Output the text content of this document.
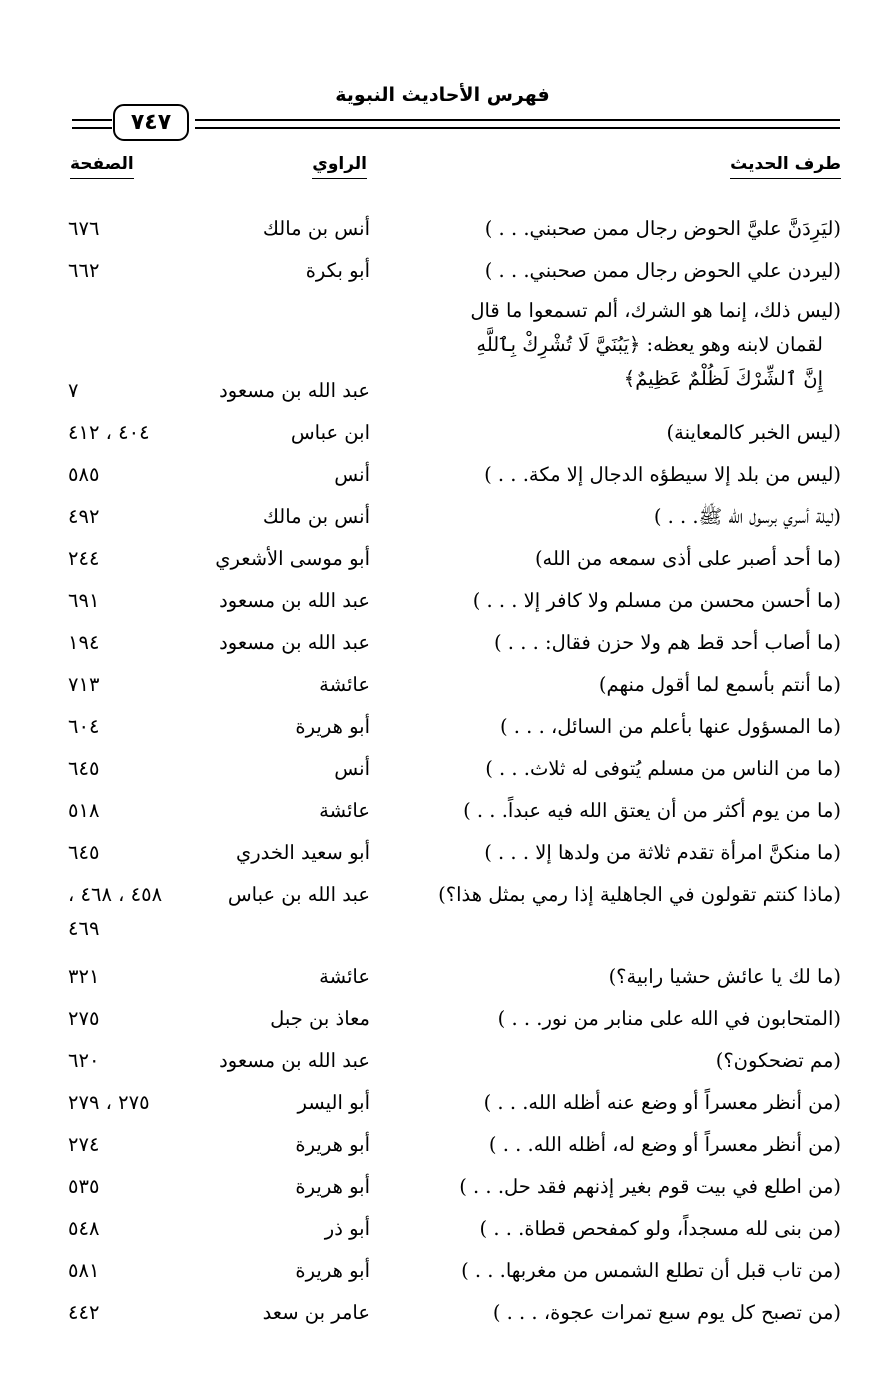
فهرس الأحاديث النبوية
٧٤٧
طرف الحديث
الراوي
الصفحة
(ليَرِدَنَّ عليَّ الحوض رجال ممن صحبني. . . )
أنس بن مالك
٦٧٦
(ليردن علي الحوض رجال ممن صحبني. . . )
أبو بكرة
٦٦٢
(ليس ذلك، إنما هو الشرك، ألم تسمعوا ما قال
لقمان لابنه وهو يعظه: ﴿يَبُنَيَّ لَا تُشْرِكْ بِٱللَّهِ
إِنَّ ٱلشِّرْكَ لَظُلْمٌ عَظِيمٌ﴾
عبد الله بن مسعود
٧
(ليس الخبر كالمعاينة)
ابن عباس
٤٠٤ ، ٤١٢
(ليس من بلد إلا سيطؤه الدجال إلا مكة. . . )
أنس
٥٨٥
(ليلة أسري برسول الله ﷺ. . . )
أنس بن مالك
٤٩٢
(ما أحد أصبر على أذى سمعه من الله)
أبو موسى الأشعري
٢٤٤
(ما أحسن محسن من مسلم ولا كافر إلا . . . )
عبد الله بن مسعود
٦٩١
(ما أصاب أحد قط هم ولا حزن فقال: . . . )
عبد الله بن مسعود
١٩٤
(ما أنتم بأسمع لما أقول منهم)
عائشة
٧١٣
(ما المسؤول عنها بأعلم من السائل، . . . )
أبو هريرة
٦٠٤
(ما من الناس من مسلم يُتوفى له ثلاث. . . )
أنس
٦٤٥
(ما من يوم أكثر من أن يعتق الله فيه عبداً. . . )
عائشة
٥١٨
(ما منكنَّ امرأة تقدم ثلاثة من ولدها إلا . . . )
أبو سعيد الخدري
٦٤٥
(ماذا كنتم تقولون في الجاهلية إذا رمي بمثل هذا؟)
عبد الله بن عباس
٤٥٨ ، ٤٦٨ ،
٤٦٩
(ما لك يا عائش حشيا رابية؟)
عائشة
٣٢١
(المتحابون في الله على منابر من نور. . . )
معاذ بن جبل
٢٧٥
(مم تضحكون؟)
عبد الله بن مسعود
٦٢٠
(من أنظر معسراً أو وضع عنه أظله الله. . . )
أبو اليسر
٢٧٥ ، ٢٧٩
(من أنظر معسراً أو وضع له، أظله الله. . . )
أبو هريرة
٢٧٤
(من اطلع في بيت قوم بغير إذنهم فقد حل. . . )
أبو هريرة
٥٣٥
(من بنى لله مسجداً، ولو كمفحص قطاة. . . )
أبو ذر
٥٤٨
(من تاب قبل أن تطلع الشمس من مغربها. . . )
أبو هريرة
٥٨١
(من تصبح كل يوم سبع تمرات عجوة، . . . )
عامر بن سعد
٤٤٢
